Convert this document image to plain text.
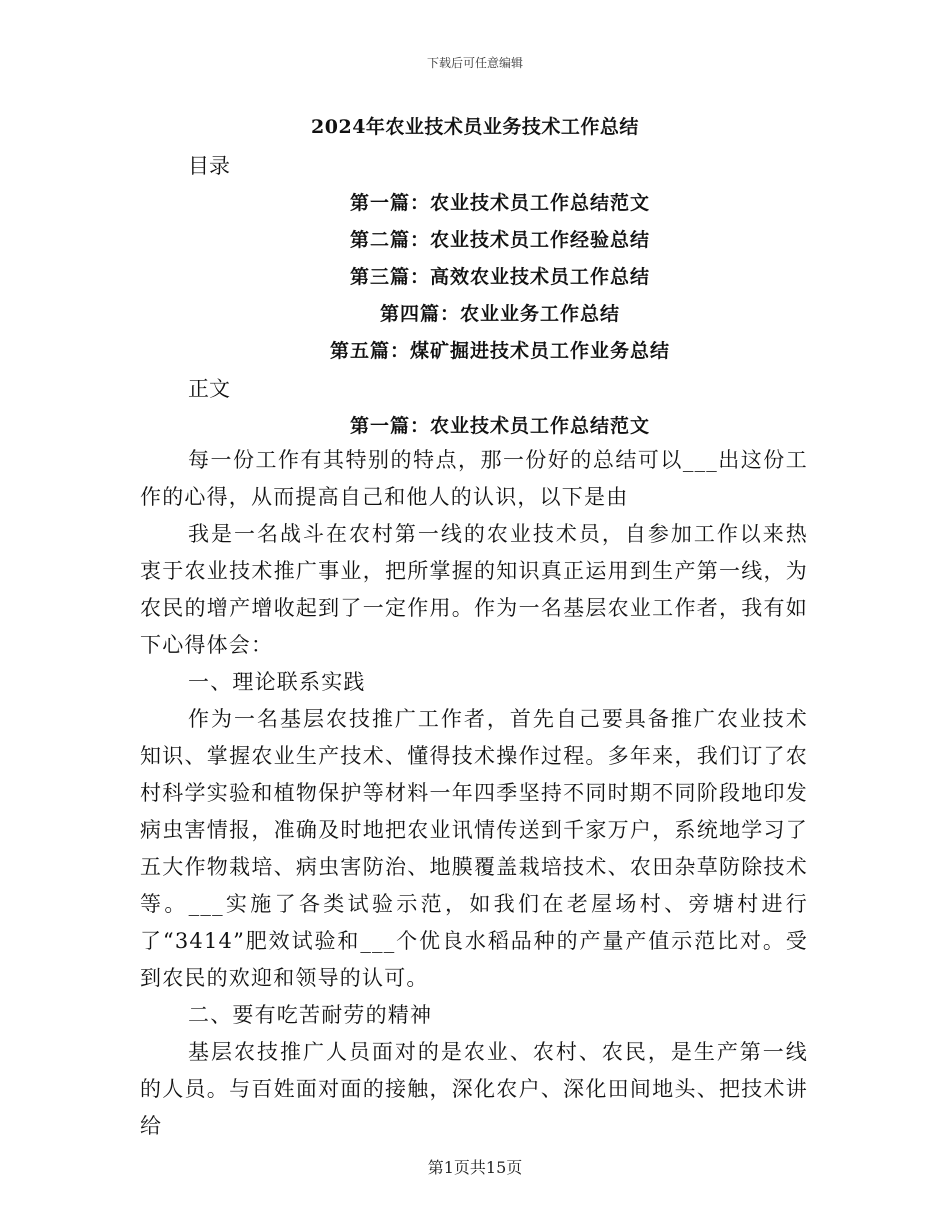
下载后可任意编辑
2024年农业技术员业务技术工作总结
目录
第一篇：农业技术员工作总结范文
第二篇：农业技术员工作经验总结
第三篇：高效农业技术员工作总结
第四篇：农业业务工作总结
第五篇：煤矿掘进技术员工作业务总结
正文
第一篇：农业技术员工作总结范文

每一份工作有其特别的特点，那一份好的总结可以___出这份工作的心得，从而提高自己和他人的认识，以下是由

我是一名战斗在农村第一线的农业技术员，自参加工作以来热衷于农业技术推广事业，把所掌握的知识真正运用到生产第一线，为农民的增产增收起到了一定作用。作为一名基层农业工作者，我有如下心得体会：

一、理论联系实践

作为一名基层农技推广工作者，首先自己要具备推广农业技术知识、掌握农业生产技术、懂得技术操作过程。多年来，我们订了农村科学实验和植物保护等材料一年四季坚持不同时期不同阶段地印发病虫害情报，准确及时地把农业讯情传送到千家万户，系统地学习了五大作物栽培、病虫害防治、地膜覆盖栽培技术、农田杂草防除技术等。___实施了各类试验示范，如我们在老屋场村、旁塘村进行了“3414”肥效试验和___个优良水稻品种的产量产值示范比对。受到农民的欢迎和领导的认可。

二、要有吃苦耐劳的精神

基层农技推广人员面对的是农业、农村、农民，是生产第一线的人员。与百姓面对面的接触，深化农户、深化田间地头、把技术讲给

第1页共15页
